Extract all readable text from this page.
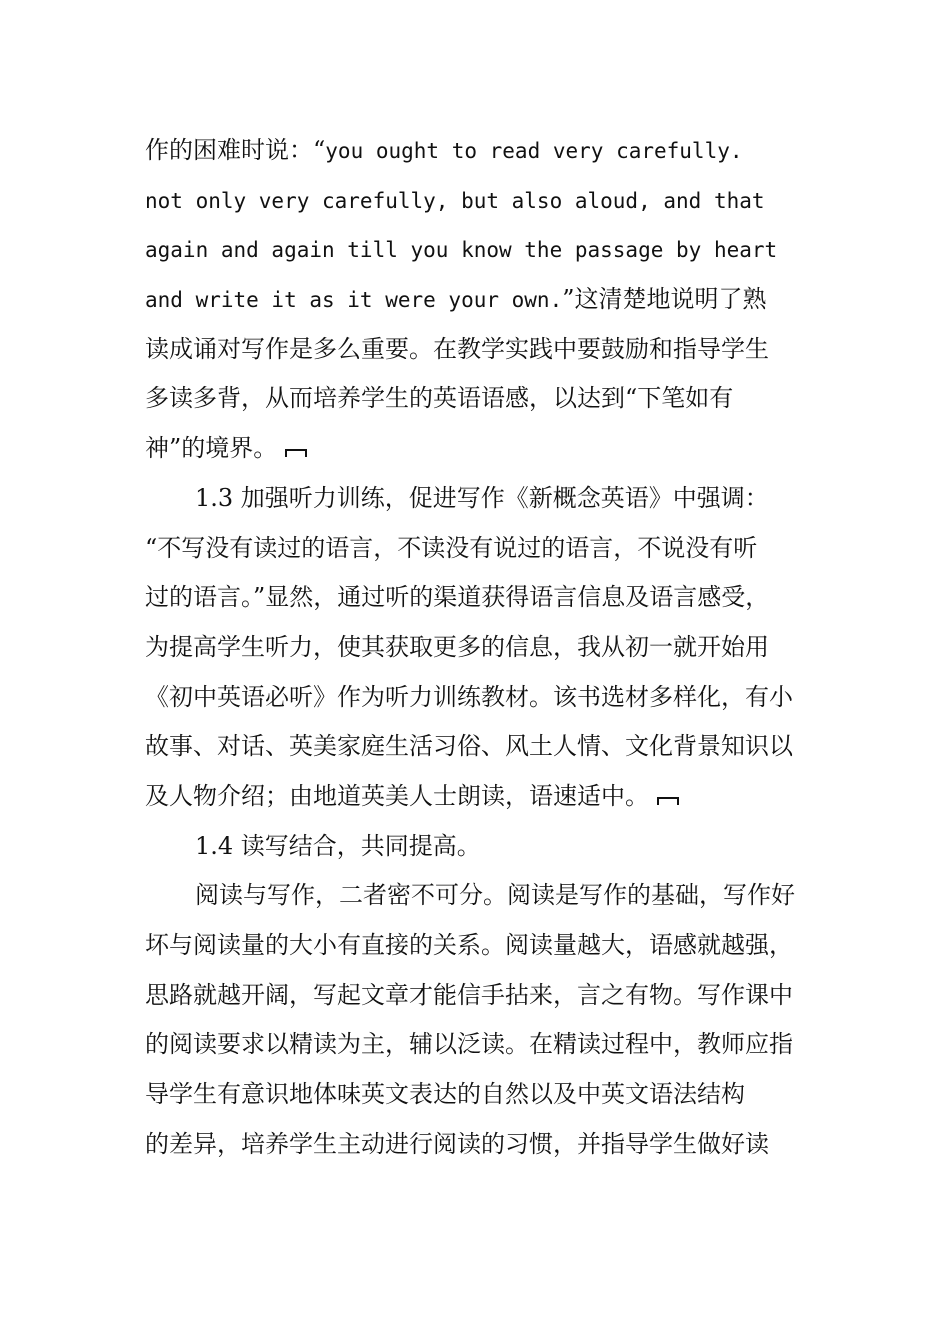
作的困难时说：“you ought to read very carefully.
not only very carefully, but also aloud, and that
again and again till you know the passage by heart
and write it as it were your own.”这清楚地说明了熟
读成诵对写作是多么重要。在教学实践中要鼓励和指导学生
多读多背，从而培养学生的英语语感，以达到“下笔如有
神”的境界。
1.3 加强听力训练，促进写作《新概念英语》中强调：
“不写没有读过的语言，不读没有说过的语言，不说没有听
过的语言。”显然，通过听的渠道获得语言信息及语言感受，
为提高学生听力，使其获取更多的信息，我从初一就开始用
《初中英语必听》作为听力训练教材。该书选材多样化，有小
故事、对话、英美家庭生活习俗、风土人情、文化背景知识以
及人物介绍；由地道英美人士朗读，语速适中。
1.4 读写结合，共同提高。
阅读与写作，二者密不可分。阅读是写作的基础，写作好
坏与阅读量的大小有直接的关系。阅读量越大，语感就越强，
思路就越开阔，写起文章才能信手拈来，言之有物。写作课中
的阅读要求以精读为主，辅以泛读。在精读过程中，教师应指
导学生有意识地体味英文表达的自然以及中英文语法结构
的差异，培养学生主动进行阅读的习惯，并指导学生做好读
